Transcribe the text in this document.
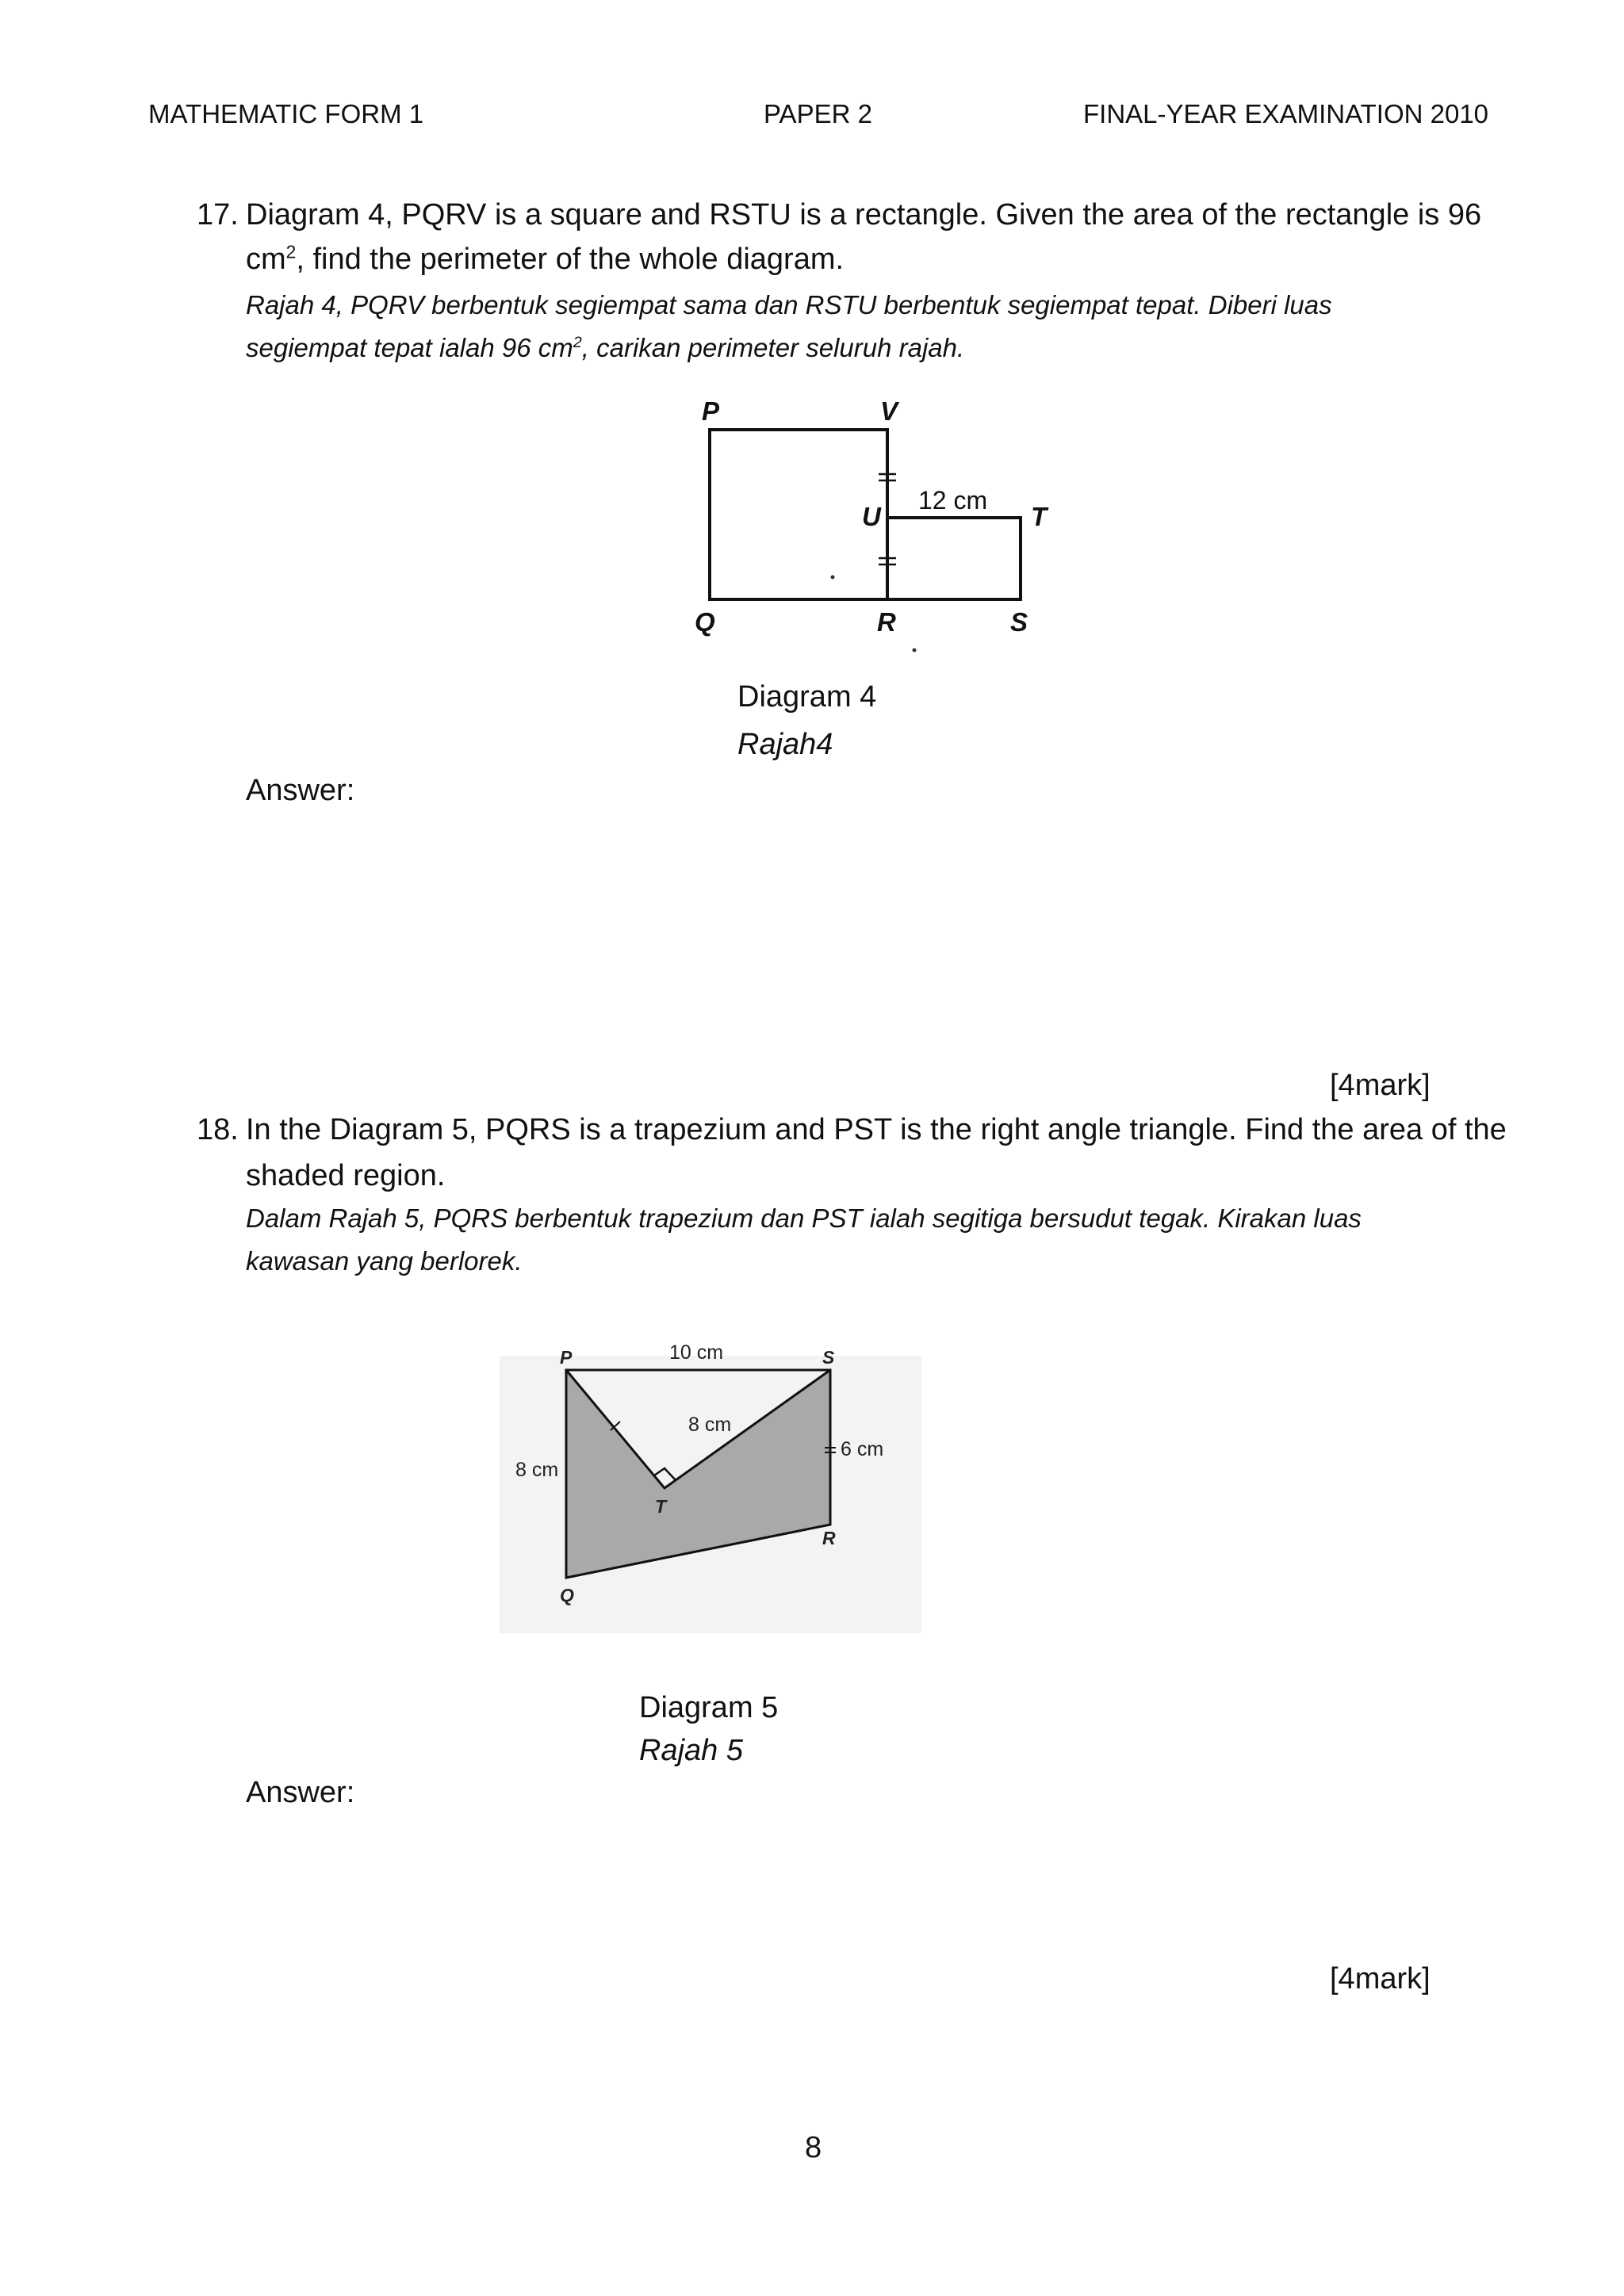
MATHEMATIC FORM 1	PAPER 2	FINAL-YEAR EXAMINATION 2010
17. Diagram 4, PQRV is a square and RSTU is a rectangle. Given the area of the rectangle is 96
$cm^2$, find the perimeter of the whole diagram.
Rajah 4, PQRV berbentuk segiempat sama dan RSTU berbentuk segiempat tepat. Diberi luas
segiempat tepat ialah 96 $cm^2$, carikan perimeter seluruh rajah.
P	V
U
12 cm
T
Q	R	S
Diagram 4
Rajah4
Answer:
[4mark]
18. In the Diagram 5, PQRS is a trapezium and PST is the right angle triangle. Find the area of the
shaded region.
Dalam Rajah 5, PQRS berbentuk trapezium dan PST ialah segitiga bersudut tegak. Kirakan luas
kawasan yang berlorek.
P	S
10 cm
8 cm
6 cm
8 cm
T
R
Q
Diagram 5
Rajah 5
Answer:
[4mark]
8
